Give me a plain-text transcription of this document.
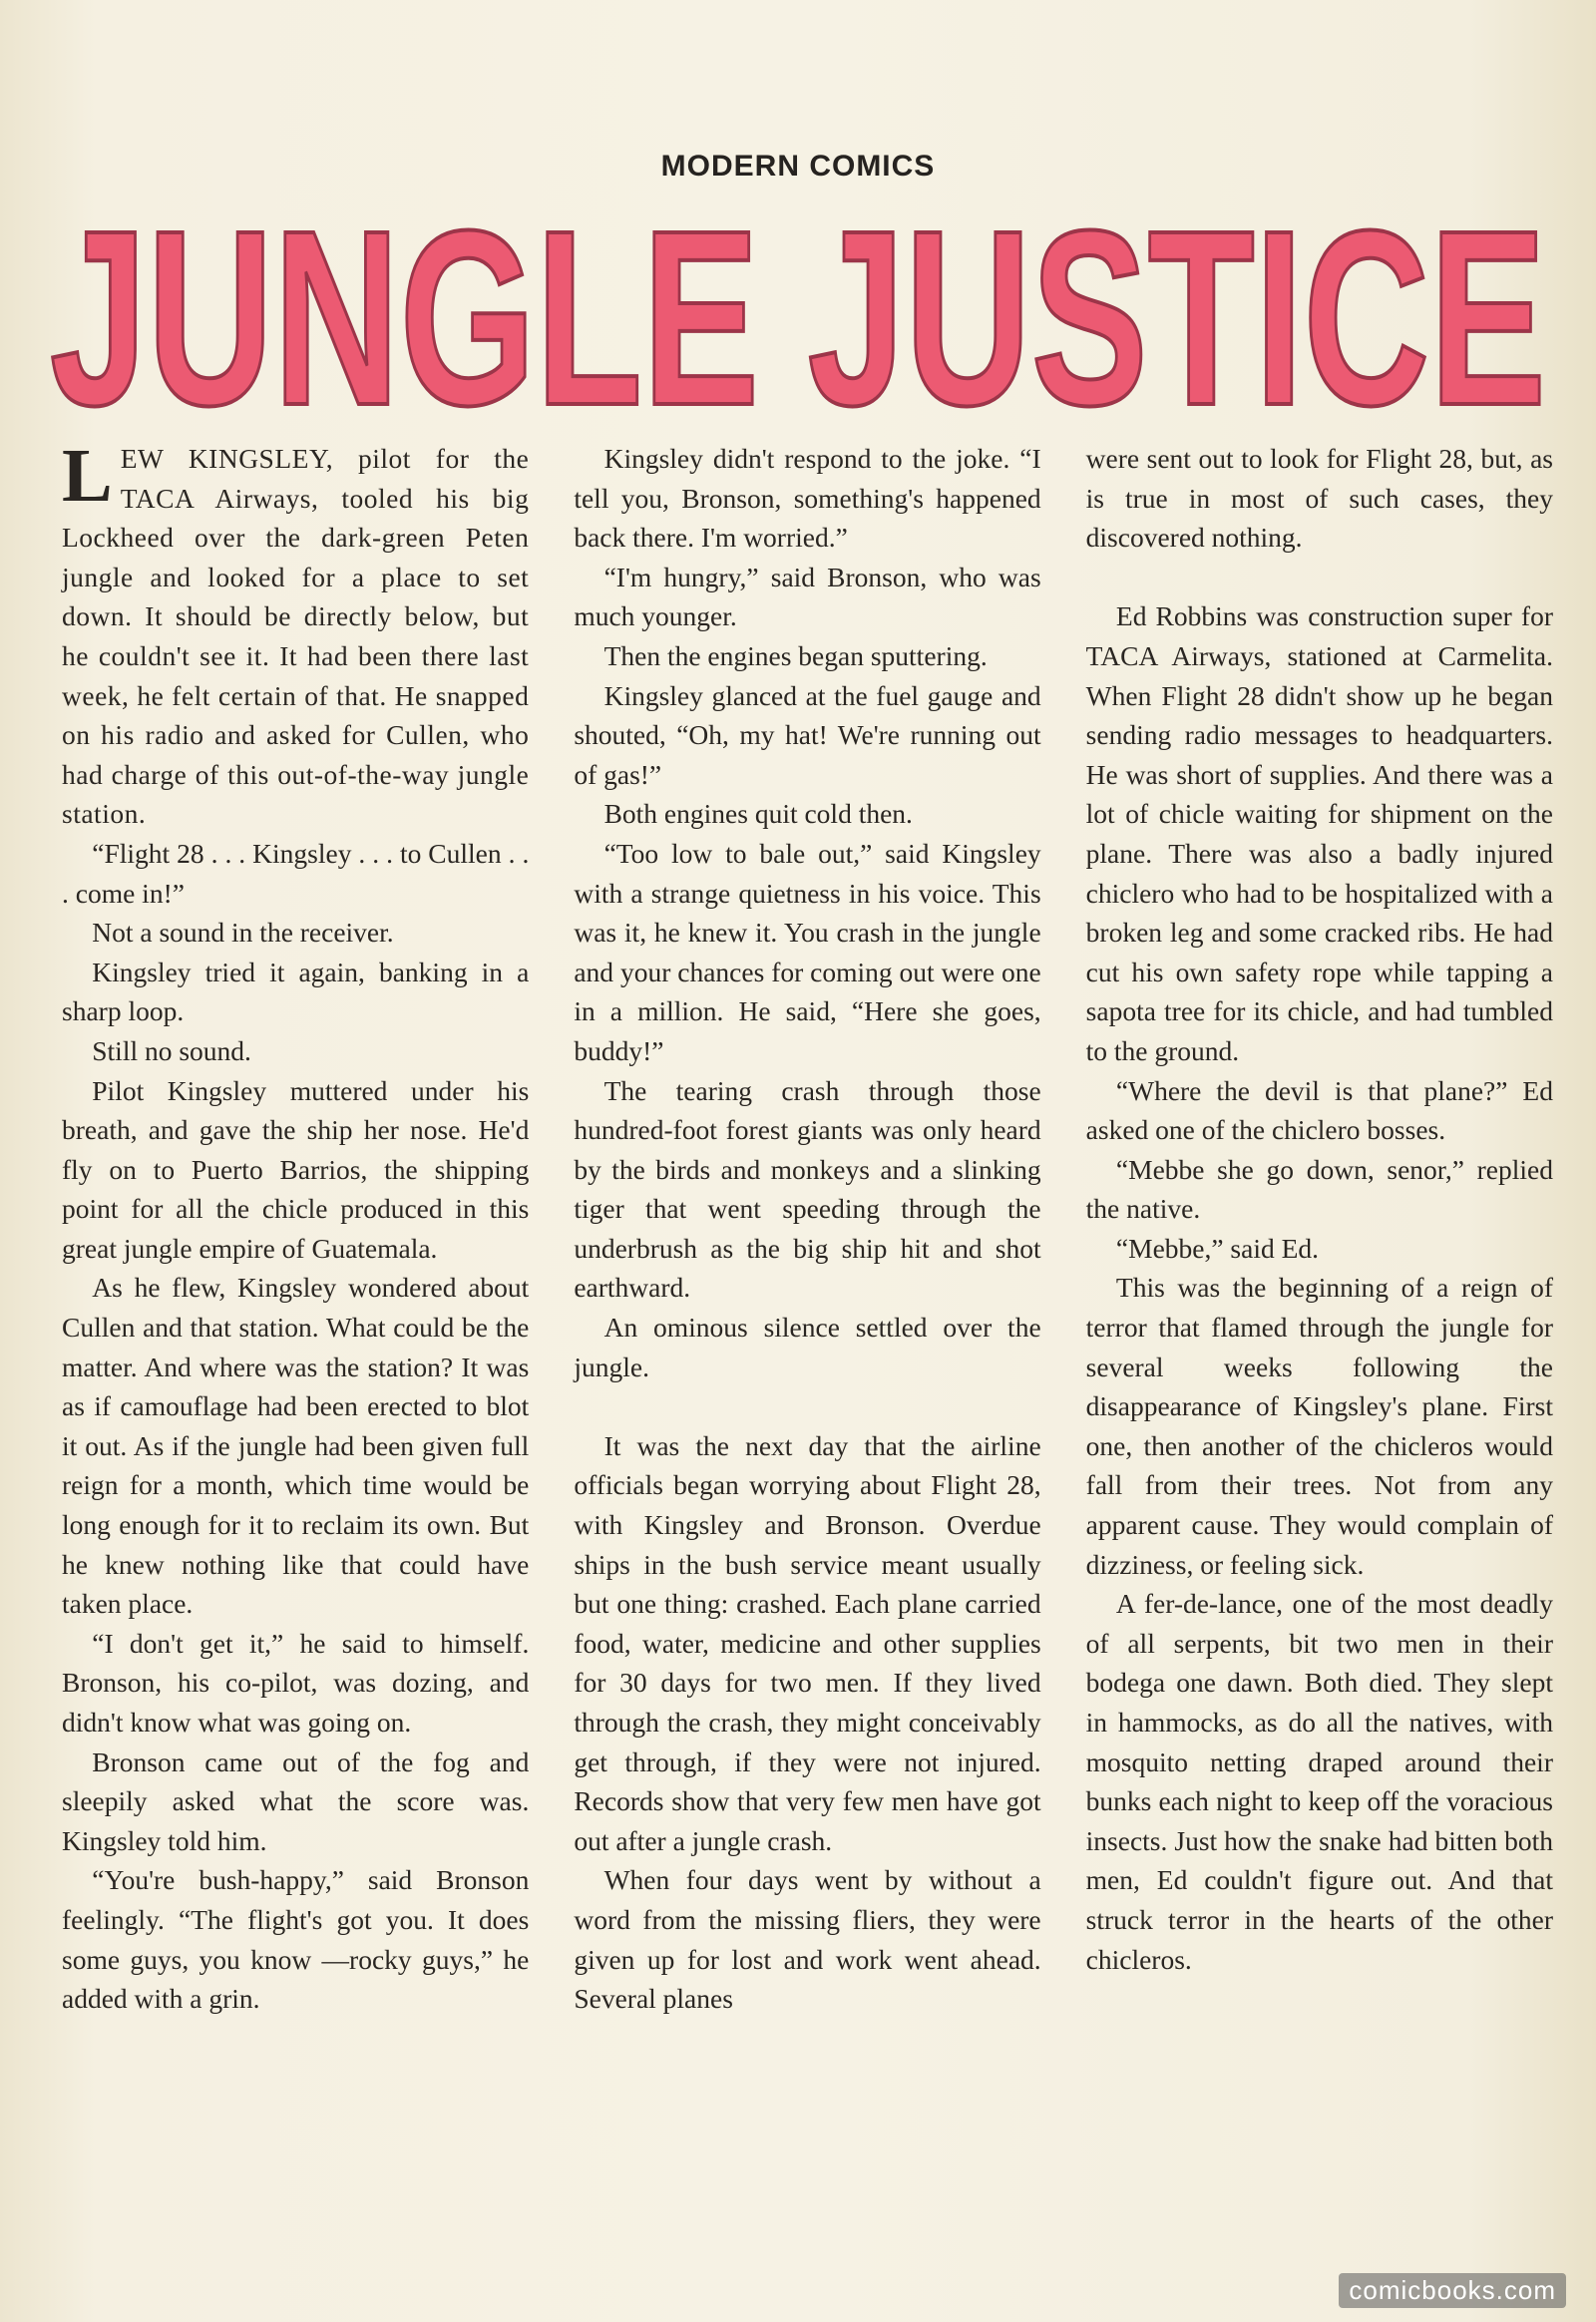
MODERN COMICS
JUNGLE JUSTICE

LEW KINGSLEY, pilot for the TACA Airways, tooled his big Lockheed over the dark-green Peten jungle and looked for a place to set down. It should be directly below, but he couldn't see it. It had been there last week, he felt certain of that. He snapped on his radio and asked for Cullen, who had charge of this out-of-the-way jungle station.

“Flight 28 . . . Kingsley . . . to Cullen . . . come in!”

Not a sound in the receiver.

Kingsley tried it again, banking in a sharp loop.

Still no sound.

Pilot Kingsley muttered under his breath, and gave the ship her nose. He'd fly on to Puerto Barrios, the shipping point for all the chicle produced in this great jungle empire of Guatemala.

As he flew, Kingsley wondered about Cullen and that station. What could be the matter. And where was the station? It was as if camouflage had been erected to blot it out. As if the jungle had been given full reign for a month, which time would be long enough for it to reclaim its own. But he knew nothing like that could have taken place.

“I don't get it,” he said to himself. Bronson, his co-pilot, was dozing, and didn't know what was going on.

Bronson came out of the fog and sleepily asked what the score was. Kingsley told him.

“You're bush-happy,” said Bronson feelingly. “The flight's got you. It does some guys, you know —rocky guys,” he added with a grin.

Kingsley didn't respond to the joke. “I tell you, Bronson, something's happened back there. I'm worried.”

“I'm hungry,” said Bronson, who was much younger.

Then the engines began sputtering.

Kingsley glanced at the fuel gauge and shouted, “Oh, my hat! We're running out of gas!”

Both engines quit cold then.

“Too low to bale out,” said Kingsley with a strange quietness in his voice. This was it, he knew it. You crash in the jungle and your chances for coming out were one in a million. He said, “Here she goes, buddy!”

The tearing crash through those hundred-foot forest giants was only heard by the birds and monkeys and a slinking tiger that went speeding through the underbrush as the big ship hit and shot earthward.

An ominous silence settled over the jungle.

It was the next day that the airline officials began worrying about Flight 28, with Kingsley and Bronson. Overdue ships in the bush service meant usually but one thing: crashed. Each plane carried food, water, medicine and other supplies for 30 days for two men. If they lived through the crash, they might conceivably get through, if they were not injured. Records show that very few men have got out after a jungle crash.

When four days went by without a word from the missing fliers, they were given up for lost and work went ahead. Several planes

were sent out to look for Flight 28, but, as is true in most of such cases, they discovered nothing.

Ed Robbins was construction super for TACA Airways, stationed at Carmelita. When Flight 28 didn't show up he began sending radio messages to headquarters. He was short of supplies. And there was a lot of chicle waiting for shipment on the plane. There was also a badly injured chiclero who had to be hospitalized with a broken leg and some cracked ribs. He had cut his own safety rope while tapping a sapota tree for its chicle, and had tumbled to the ground.

“Where the devil is that plane?” Ed asked one of the chiclero bosses.

“Mebbe she go down, senor,” replied the native.

“Mebbe,” said Ed.

This was the beginning of a reign of terror that flamed through the jungle for several weeks following the disappearance of Kingsley's plane. First one, then another of the chicleros would fall from their trees. Not from any apparent cause. They would complain of dizziness, or feeling sick.

A fer-de-lance, one of the most deadly of all serpents, bit two men in their bodega one dawn. Both died. They slept in hammocks, as do all the natives, with mosquito netting draped around their bunks each night to keep off the voracious insects. Just how the snake had bitten both men, Ed couldn't figure out. And that struck terror in the hearts of the other chicleros.

comicbooks.com
